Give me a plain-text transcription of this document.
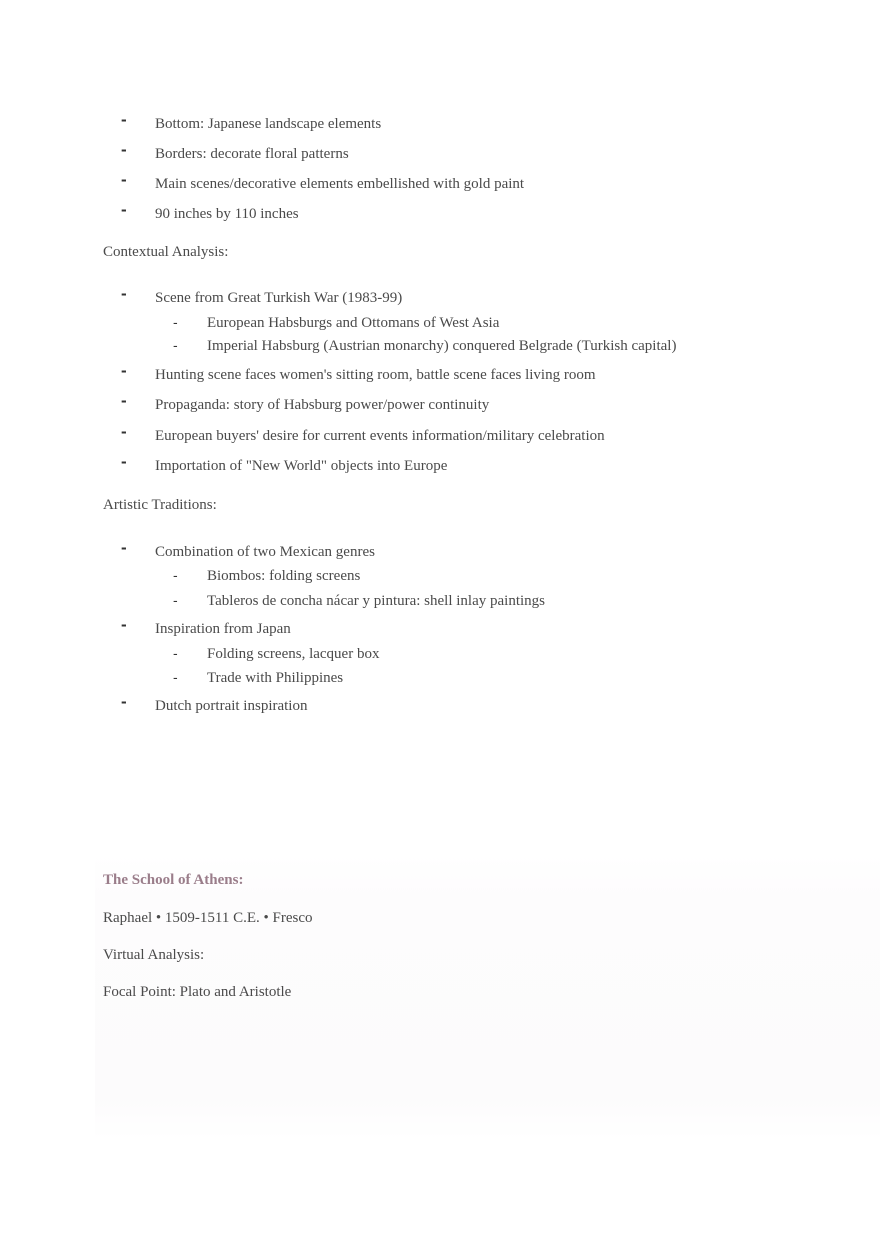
- Bottom: Japanese landscape elements
- Borders: decorate floral patterns
- Main scenes/decorative elements embellished with gold paint
- 90 inches by 110 inches
Contextual Analysis:
- Scene from Great Turkish War (1983-99)
- European Habsburgs and Ottomans of West Asia
- Imperial Habsburg (Austrian monarchy) conquered Belgrade (Turkish capital)
- Hunting scene faces women's sitting room, battle scene faces living room
- Propaganda: story of Habsburg power/power continuity
- European buyers' desire for current events information/military celebration
- Importation of "New World" objects into Europe
Artistic Traditions:
- Combination of two Mexican genres
- Biombos: folding screens
- Tableros de concha nácar y pintura: shell inlay paintings
- Inspiration from Japan
- Folding screens, lacquer box
- Trade with Philippines
- Dutch portrait inspiration
The School of Athens:
Raphael • 1509-1511 C.E. • Fresco
Virtual Analysis:
Focal Point: Plato and Aristotle
